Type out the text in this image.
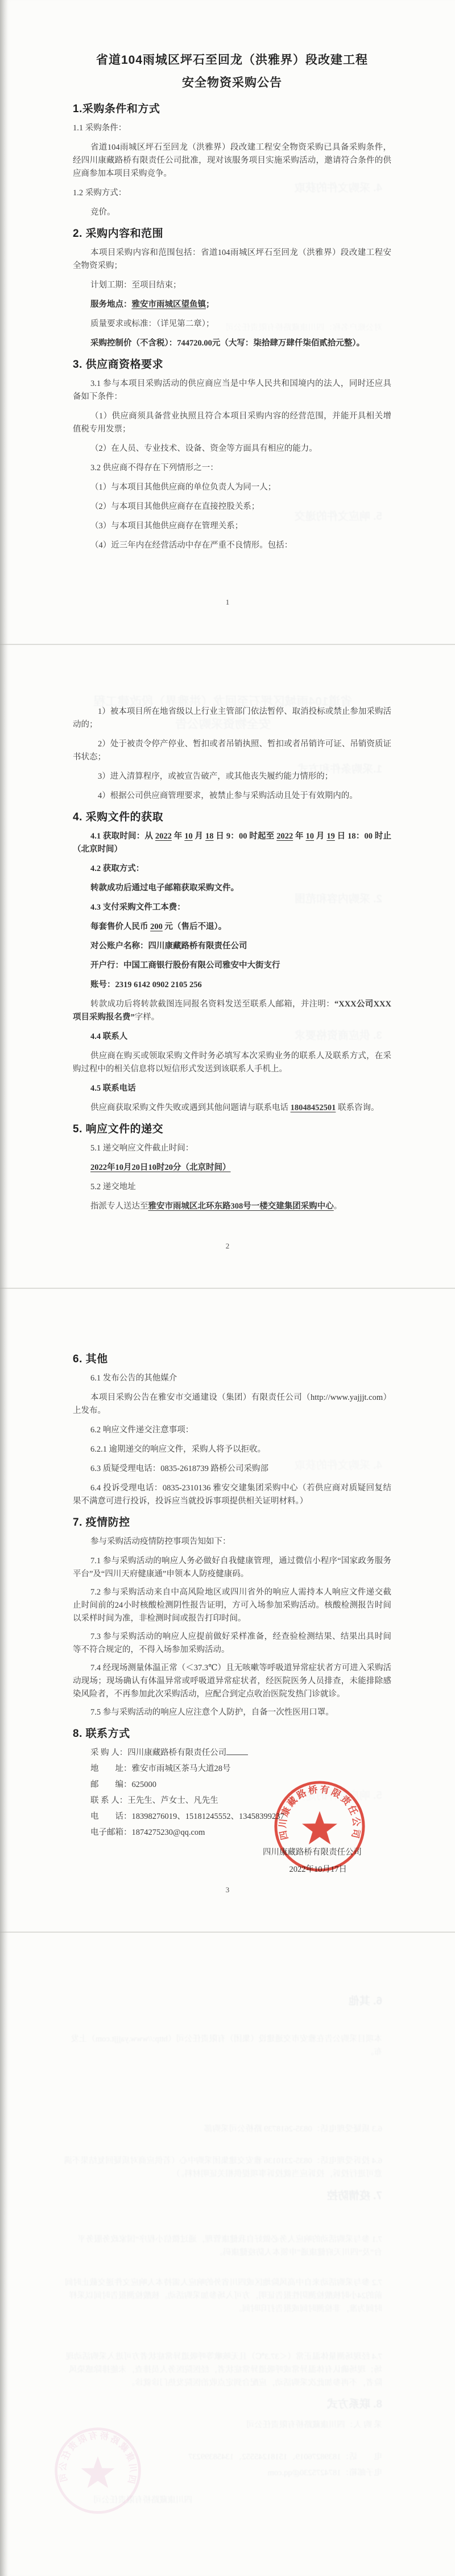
省道104雨城区坪石至回龙（洪雅界）段改建工程

安全物资采购公告

1.采购条件和方式

1.1 采购条件：

省道104雨城区坪石至回龙（洪雅界）段改建工程安全物资采购已具备采购条件，经四川康藏路桥有限责任公司批准，现对该服务项目实施采购活动，邀请符合条件的供应商参加本项目采购竞争。

1.2 采购方式：

竞价。

2. 采购内容和范围

本项目采购内容和范围包括：省道104雨城区坪石至回龙（洪雅界）段改建工程安全物资采购；

计划工期：至项目结束；

服务地点：雅安市雨城区望鱼镇；

质量要求或标准：（详见第二章）；

采购控制价（不含税）：744720.00元（大写：柒拾肆万肆仟柒佰贰拾元整）。

3. 供应商资格要求

3.1 参与本项目采购活动的供应商应当是中华人民共和国境内的法人，同时还应具备如下条件：

（1）供应商须具备营业执照且符合本项目采购内容的经营范围，并能开具相关增值税专用发票；

（2）在人员、专业技术、设备、资金等方面具有相应的能力。

3.2 供应商不得存在下列情形之一：

（1）与本项目其他供应商的单位负责人为同一人；

（2）与本项目其他供应商存在直接控股关系；

（3）与本项目其他供应商存在管理关系；

（4）近三年内在经营活动中存在严重不良情形。包括：

1

4. 采购文件的获取

对公账户名称：四川康藏路桥有限责任公司

5. 响应文件的递交

1）被本项目所在地省级以上行业主管部门依法暂停、取消投标或禁止参加采购活动的；

2）处于被责令停产停业、暂扣或者吊销执照、暂扣或者吊销许可证、吊销资质证书状态；

3）进入清算程序，或被宣告破产，或其他丧失履约能力情形的；

4）根据公司供应商管理要求，被禁止参与采购活动且处于有效期内的。

4. 采购文件的获取

4.1 获取时间：从 2022 年 10 月 18 日 9：00 时起至 2022 年 10 月 19 日 18：00 时止（北京时间）

4.2 获取方式：

转款成功后通过电子邮箱获取采购文件。

4.3 支付采购文件工本费：

每套售价人民币 200 元（售后不退）。

对公账户名称：四川康藏路桥有限责任公司

开户行：中国工商银行股份有限公司雅安中大街支行

账号：2319 6142 0902 2105 256

转款成功后将转款截图连同报名资料发送至联系人邮箱，并注明：“XXX公司XXX项目采购报名费”字样。

4.4 联系人

供应商在购买或领取采购文件时务必填写本次采购业务的联系人及联系方式，在采购过程中的相关信息将以短信形式发送到该联系人手机上。

4.5 联系电话

供应商获取采购文件失败或遇到其他问题请与联系电话 18048452501 联系咨询。

5. 响应文件的递交

5.1 递交响应文件截止时间：

2022年10月20日10时20分（北京时间）

5.2 递交地址

指派专人送达至雅安市雨城区北环东路308号一楼交建集团采购中心。

2

省道104雨城区坪石至回龙（洪雅界）段改建工程

安全物资采购公告

1.采购条件和方式

2. 采购内容和范围

3. 供应商资格要求

6. 其他

6.1 发布公告的其他媒介

本项目采购公告在雅安市交通建设（集团）有限责任公司（http://www.yajjjt.com）上发布。

6.2 响应文件递交注意事项：

6.2.1 逾期递交的响应文件，采购人将予以拒收。

6.3 质疑受理电话：0835-2618739 路桥公司采购部

6.4 投诉受理电话：0835-2310136 雅安交建集团采购中心（若供应商对质疑回复结果不满意可进行投诉，投诉应当就投诉事项提供相关证明材料。）

7. 疫情防控

参与采购活动疫情防控事项告知如下：

7.1 参与采购活动的响应人务必做好自我健康管理，通过微信小程序“国家政务服务平台”及“四川天府健康通”申领本人防疫健康码。

7.2 参与采购活动来自中高风险地区或四川省外的响应人需持本人响应文件递交截止时间前的24小时核酸检测阴性报告证明，方可入场参加采购活动。核酸检测报告时间以采样时间为准，非检测时间或报告打印时间。

7.3 参与采购活动的响应人应提前做好采样准备，经查验检测结果、结果出具时间等不符合规定的，不得入场参加采购活动。

7.4 经现场测量体温正常（＜37.3℃）且无咳嗽等呼吸道异常症状者方可进入采购活动现场；现场确认有体温异常或呼吸道异常症状者，经医院医务人员排查，未能排除感染风险者，不再参加此次采购活动，应配合到定点收治医院发热门诊就诊。

7.5 参与采购活动的响应人应注意个人防护，自备一次性医用口罩。

8. 联系方式

采 购 人：四川康藏路桥有限责任公司

地　　址：雅安市雨城区茶马大道28号

邮　　编：625000

联 系 人：王先生、芦女士、凡先生

电　　话：18398276019、15181245552、13458399237

电子邮箱：1874275230@qq.com

四川康藏路桥有限责任公司

2022年10月17日

四川康藏路桥有限责任公司
3

6. 其他

本项目采购公告在雅安市交通建设（集团）有限责任公司（http://www.yajjjt.com）上发布。

6.3 质疑受理电话：0835-2618739 路桥公司采购部

6.4 投诉受理电话：0835-2310136 雅安交建集团采购中心（若供应商对质疑回复结果不满意可进行投诉，投诉应当就投诉事项提供相关证明材料。）

7. 疫情防控

7.1 参与采购活动的响应人务必做好自我健康管理，通过微信小程序“国家政务服务平台”及“四川天府健康通”申领本人防疫健康码。

7.2 参与采购活动来自中高风险地区或四川省外的响应人需持本人响应文件递交截止时间前的24小时核酸检测阴性报告证明，方可入场参加采购活动。核酸检测报告时间以采样时间为准，非检测时间或报告打印时间。

7.4 经现场测量体温正常（＜37.3℃）且无咳嗽等呼吸道异常症状者方可进入采购活动现场；现场确认有体温异常或呼吸道异常症状者，经医院医务人员排查，未能排除感染风险者，不再参加此次采购活动，应配合到定点收治医院发热门诊就诊。

8. 联系方式

采 购 人：四川康藏路桥有限责任公司

电　　话：18398276019、15181245552、13458399237

电子邮箱：1874275230@qq.com

四川康藏路桥有限责任公司

四川康藏路桥有限责任公司
